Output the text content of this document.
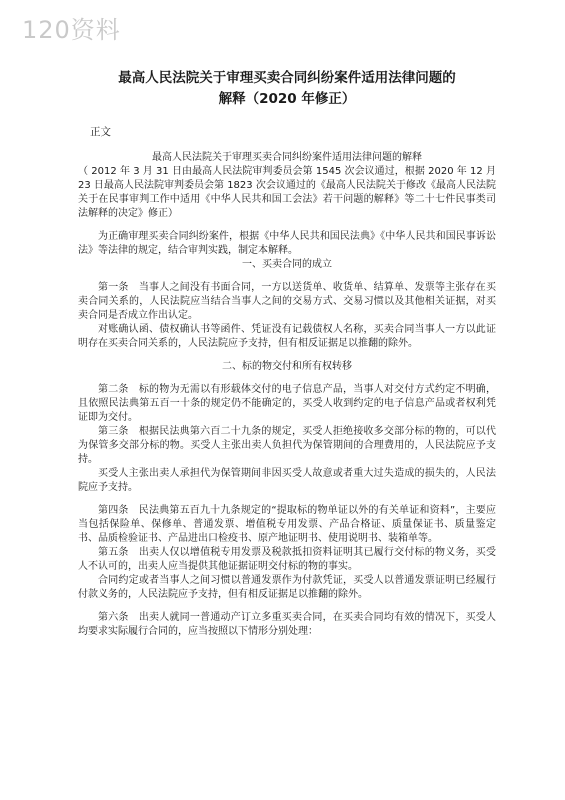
120资料
最高人民法院关于审理买卖合同纠纷案件适用法律问题的
解释（2020 年修正）
正文

最高人民法院关于审理买卖合同纠纷案件适用法律问题的解释

（ 2012 年 3 月 31 日由最高人民法院审判委员会第 1545 次会议通过，根据 2020 年 12 月 23 日最高人民法院审判委员会第 1823 次会议通过的《最高人民法院关于修改《最高人民法院关于在民事审判工作中适用《中华人民共和国工会法》若干问题的解释》等二十七件民事类司法解释的决定》修正）

为正确审理买卖合同纠纷案件，根据《中华人民共和国民法典》《中华人民共和国民事诉讼法》等法律的规定，结合审判实践，制定本解释。

一、买卖合同的成立

第一条　当事人之间没有书面合同，一方以送货单、收货单、结算单、发票等主张存在买卖合同关系的，人民法院应当结合当事人之间的交易方式、交易习惯以及其他相关证据，对买卖合同是否成立作出认定。

对账确认函、债权确认书等函件、凭证没有记载债权人名称，买卖合同当事人一方以此证明存在买卖合同关系的，人民法院应予支持，但有相反证据足以推翻的除外。

二、标的物交付和所有权转移

第二条　标的物为无需以有形载体交付的电子信息产品，当事人对交付方式约定不明确，且依照民法典第五百一十条的规定仍不能确定的，买受人收到约定的电子信息产品或者权利凭证即为交付。

第三条　根据民法典第六百二十九条的规定，买受人拒绝接收多交部分标的物的，可以代为保管多交部分标的物。买受人主张出卖人负担代为保管期间的合理费用的，人民法院应予支持。

买受人主张出卖人承担代为保管期间非因买受人故意或者重大过失造成的损失的，人民法院应予支持。

第四条　民法典第五百九十九条规定的“提取标的物单证以外的有关单证和资料”，主要应当包括保险单、保修单、普通发票、增值税专用发票、产品合格证、质量保证书、质量鉴定书、品质检验证书、产品进出口检疫书、原产地证明书、使用说明书、装箱单等。

第五条　出卖人仅以增值税专用发票及税款抵扣资料证明其已履行交付标的物义务，买受人不认可的，出卖人应当提供其他证据证明交付标的物的事实。

合同约定或者当事人之间习惯以普通发票作为付款凭证，买受人以普通发票证明已经履行付款义务的，人民法院应予支持，但有相反证据足以推翻的除外。

第六条　出卖人就同一普通动产订立多重买卖合同，在买卖合同均有效的情况下，买受人均要求实际履行合同的，应当按照以下情形分别处理：
